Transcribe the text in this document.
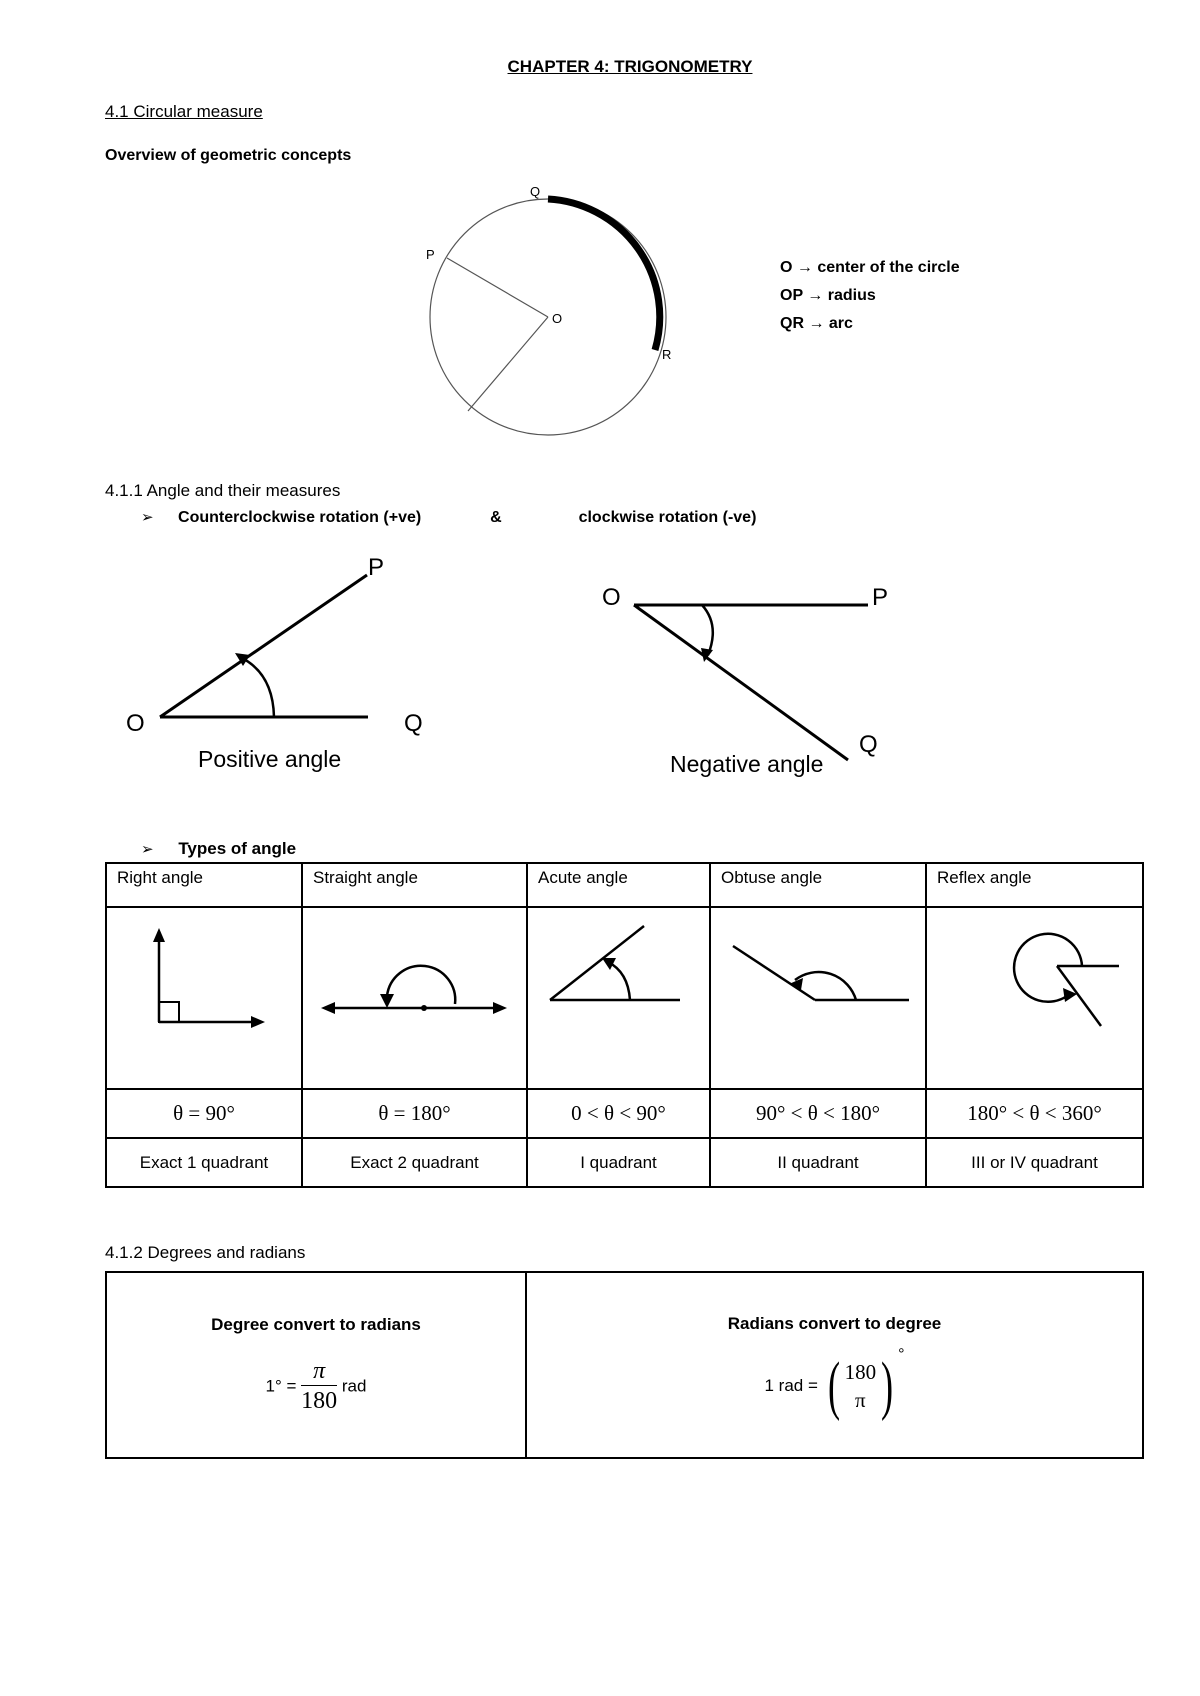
CHAPTER 4: TRIGONOMETRY
4.1 Circular measure
Overview of geometric concepts
O
Q
P
R
O → center of the circle
OP → radius
QR → arc
4.1.1 Angle and their measures
➢ Counterclockwise rotation (+ve)	&	clockwise rotation (-ve)
O
P
Q
Positive angle
O	P
Q
Negative angle
➢ Types of angle
Right angle	Straight angle	Acute angle	Obtuse angle	Reflex angle

θ = 90°	θ = 180°	0 < θ < 90°	90° < θ < 180°	180° < θ < 360°
Exact 1 quadrant	Exact 2 quadrant	I quadrant	II quadrant	III or IV quadrant
4.1.2 Degrees and radians
Degree convert to radians
$1^\circ = \frac{\pi}{180}$ rad

Radians convert to degree
1 rad = ( 180
π ) °
